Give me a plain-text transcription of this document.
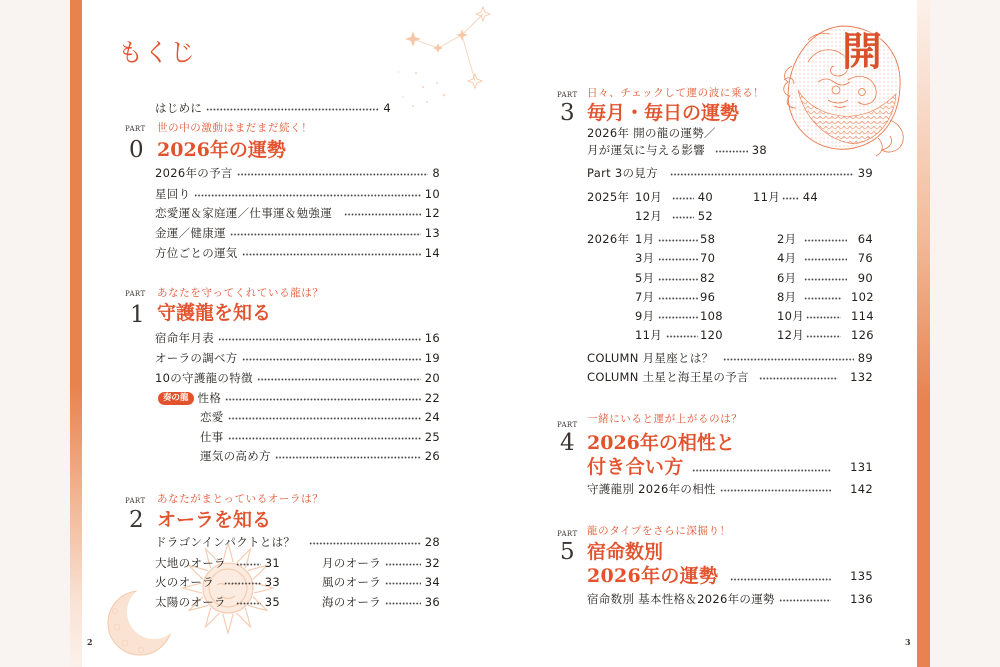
もくじ
はじめに	4
PART
0
世の中の激動はまだまだ続く！
2026年の運勢
2026年の予言	8
星回り	10
恋愛運＆家庭運／仕事運＆勉強運	12
金運／健康運	13
方位ごとの運気	14
PART
1
あなたを守ってくれている龍は？
守護龍を知る
宿命年月表	16
オーラの調べ方	19
10の守護龍の特徴	20
奏の龍 性格	22
恋愛	24
仕事	25
運気の高め方	26
PART
2
あなたがまとっているオーラは？
オーラを知る
ドラゴンインパクトとは？	28
大地のオーラ	31	月のオーラ	32
火のオーラ	33	風のオーラ	34
太陽のオーラ	35	海のオーラ	36
2
開
PART
3
日々、チェックして運の波に乗る！
毎月・毎日の運勢
2026年 開の龍の運勢／
月が運気に与える影響	38
Part 3の見方	39
2025年 10月	40	11月 44
12月	52
2026年 1月	58	2月	64
3月	70	4月	76
5月	82	6月	90
7月	96	8月	102
9月	108	10月	114
11月	120	12月	126
COLUMN 月星座とは？	89
COLUMN 土星と海王星の予言	132
PART
4
一緒にいると運が上がるのは？
2026年の相性と
付き合い方	131
守護龍別 2026年の相性	142
PART
5
龍のタイプをさらに深掘り！
宿命数別
2026年の運勢	135
宿命数別 基本性格＆2026年の運勢	136
3
